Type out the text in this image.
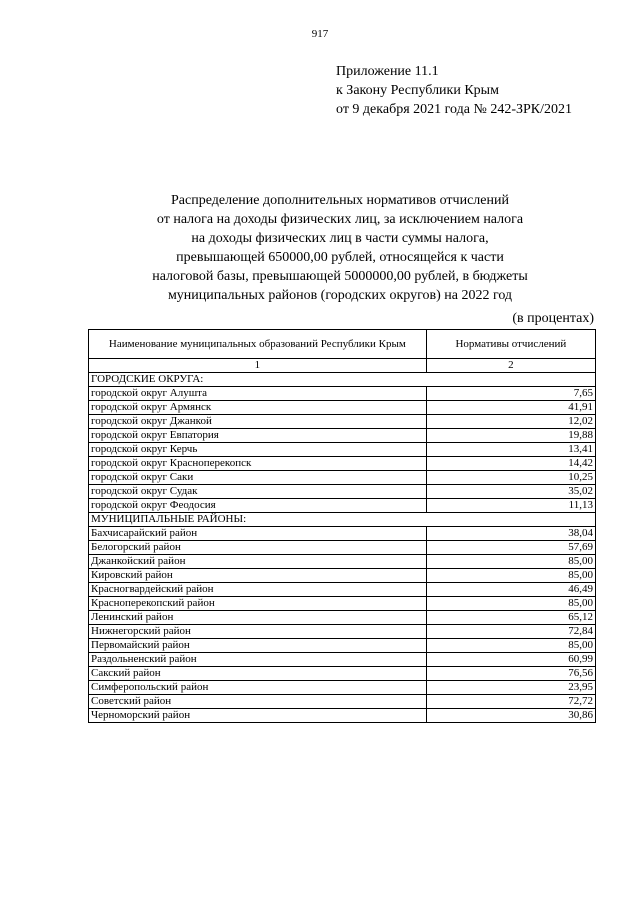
917
Приложение 11.1
к Закону Республики Крым
от 9 декабря 2021 года № 242-ЗРК/2021
Распределение дополнительных нормативов отчислений
от налога на доходы физических лиц, за исключением налога
на доходы физических лиц в части суммы налога,
превышающей 650000,00 рублей, относящейся к части
налоговой базы, превышающей 5000000,00 рублей, в бюджеты
муниципальных районов (городских округов) на 2022 год
(в процентах)
Наименование муниципальных образований Республики Крым	Нормативы отчислений
1	2
ГОРОДСКИЕ ОКРУГА:	
городской округ Алушта	7,65
городской округ Армянск	41,91
городской округ Джанкой	12,02
городской округ Евпатория	19,88
городской округ Керчь	13,41
городской округ Красноперекопск	14,42
городской округ Саки	10,25
городской округ Судак	35,02
городской округ Феодосия	11,13
МУНИЦИПАЛЬНЫЕ РАЙОНЫ:	
Бахчисарайский район	38,04
Белогорский район	57,69
Джанкойский район	85,00
Кировский район	85,00
Красногвардейский район	46,49
Красноперекопский район	85,00
Ленинский район	65,12
Нижнегорский район	72,84
Первомайский район	85,00
Раздольненский район	60,99
Сакский район	76,56
Симферопольский район	23,95
Советский район	72,72
Черноморский район	30,86
